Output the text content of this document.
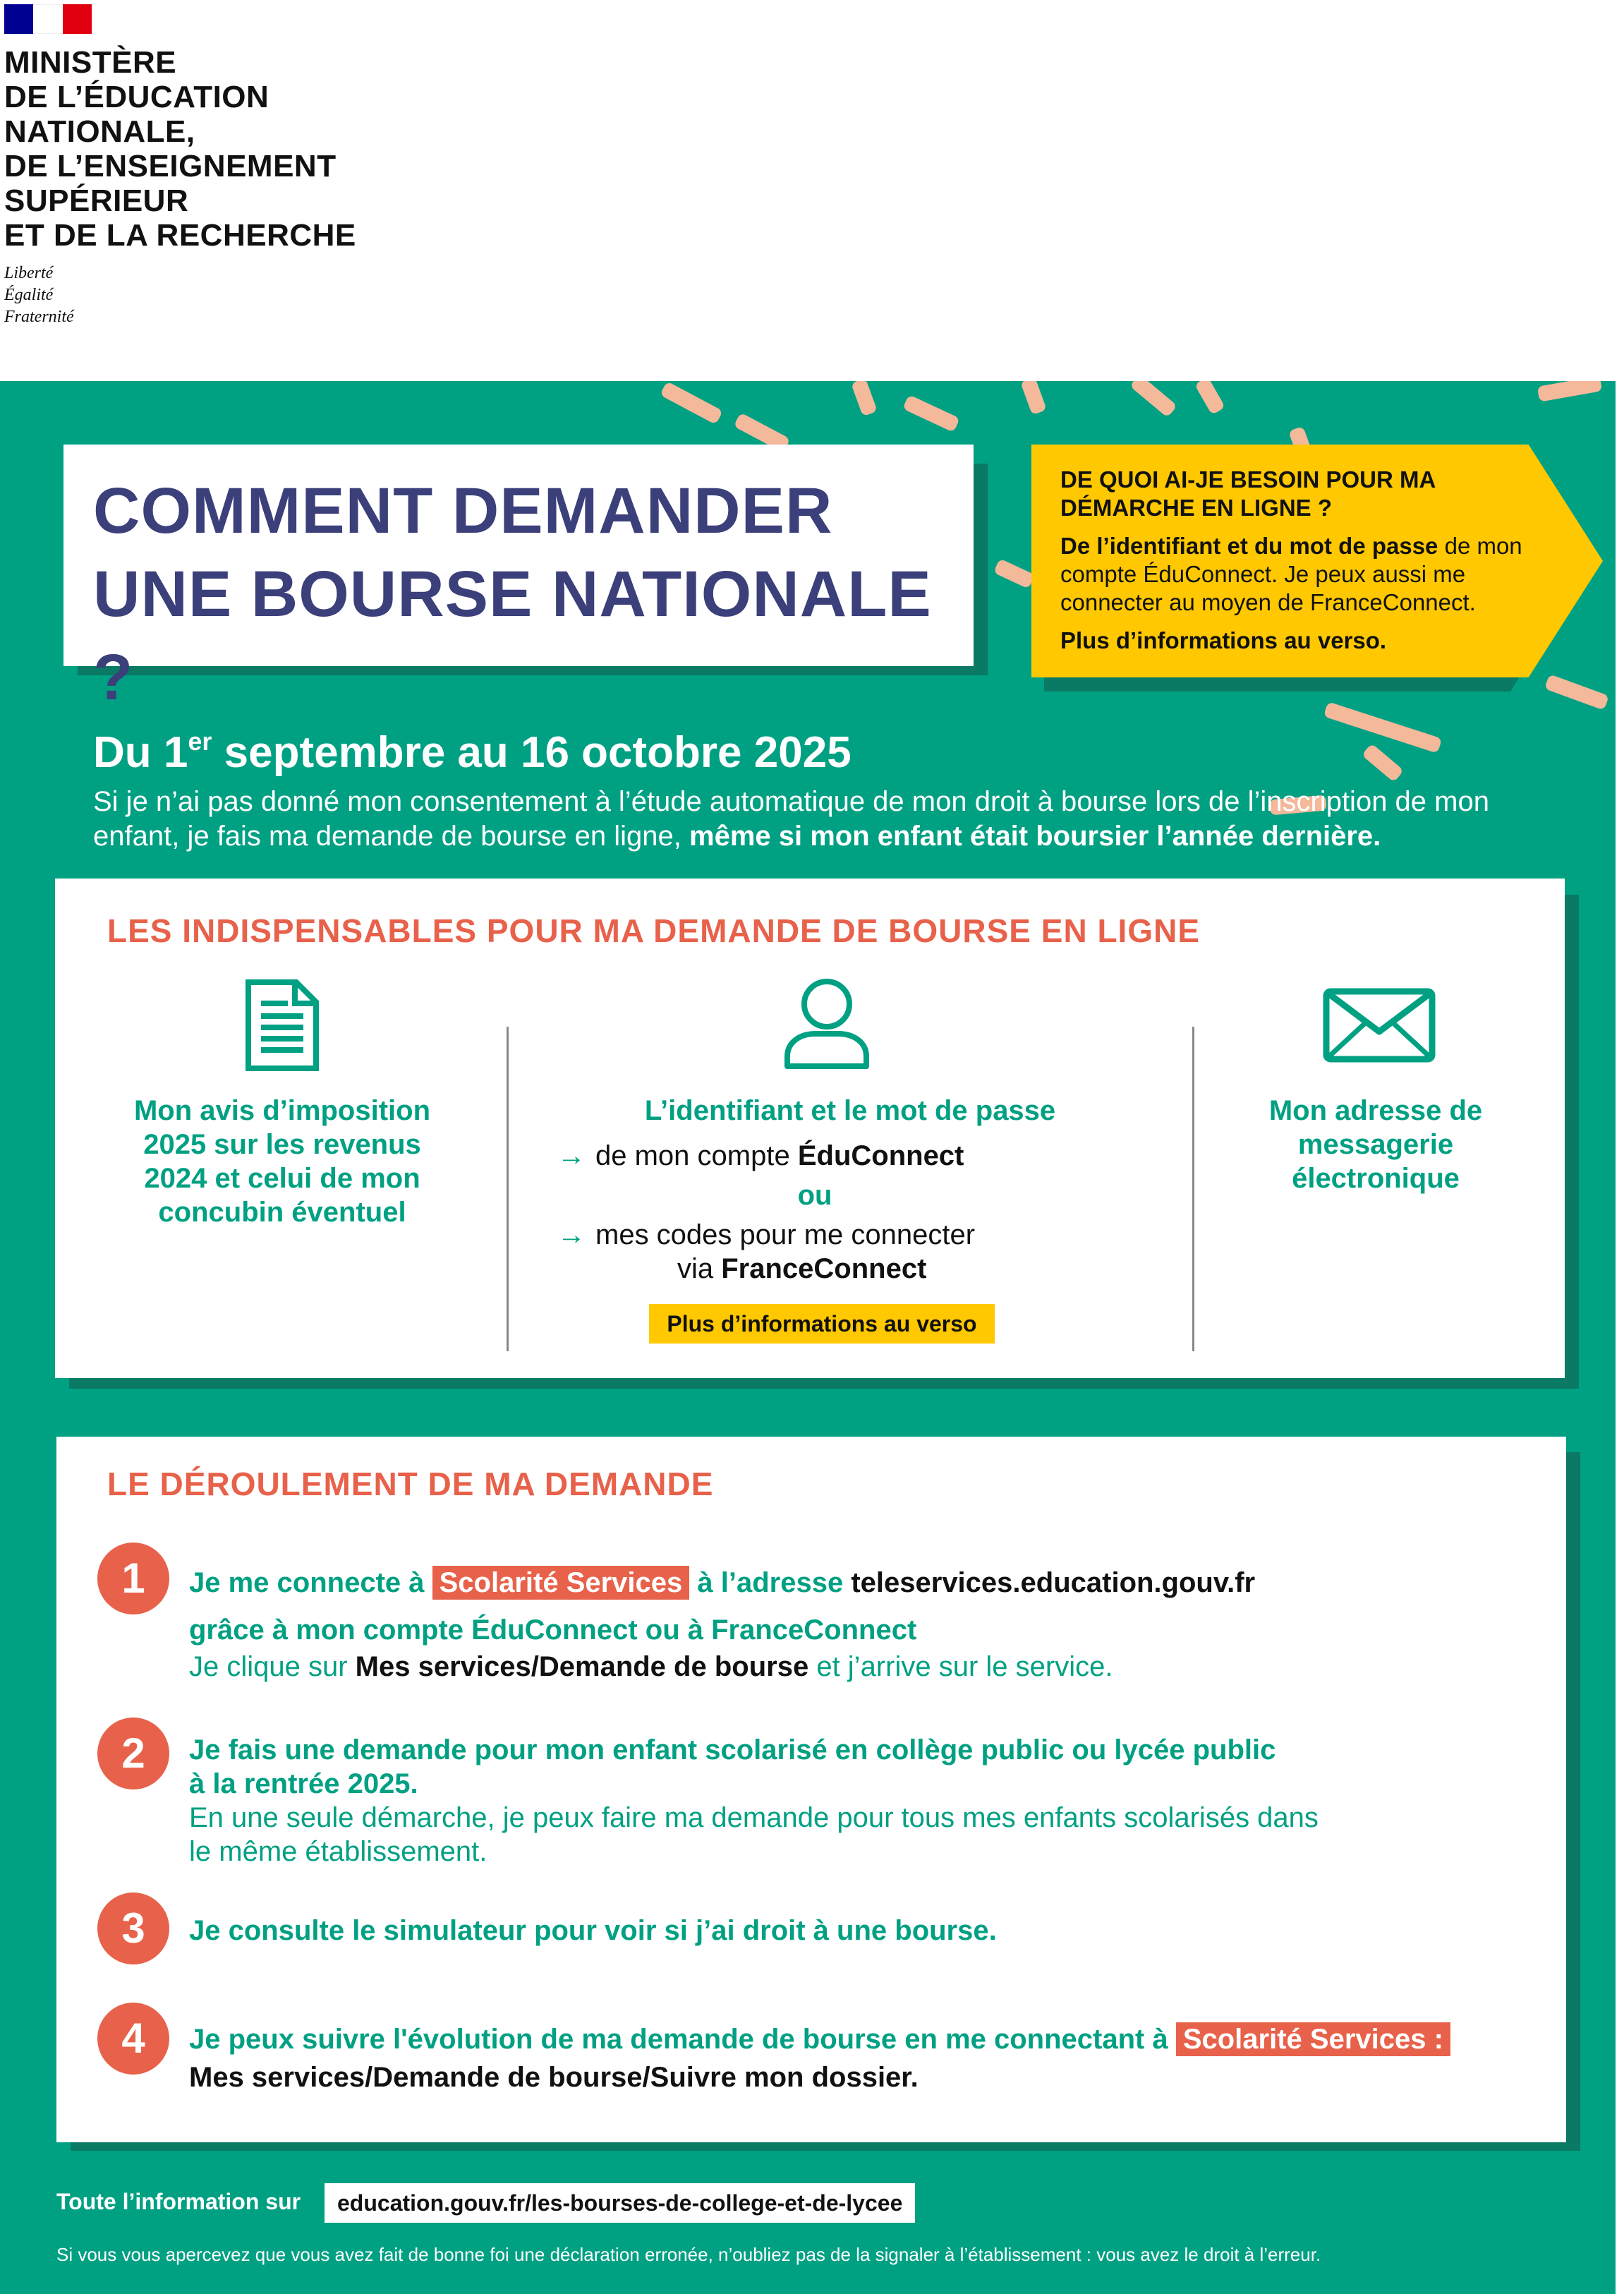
MINISTÈRE
DE L’ÉDUCATION
NATIONALE,
DE L’ENSEIGNEMENT
SUPÉRIEUR
ET DE LA RECHERCHE
Liberté
Égalité
Fraternité
COMMENT DEMANDER
UNE BOURSE NATIONALE ?
DE QUOI AI-JE BESOIN POUR MA DÉMARCHE EN LIGNE ?
De l’identifiant et du mot de passe de mon compte ÉduConnect. Je peux aussi me connecter au moyen de FranceConnect.
Plus d’informations au verso.
Du 1er septembre au 16 octobre 2025
Si je n’ai pas donné mon consentement à l’étude automatique de mon droit à bourse lors de l’inscription de mon enfant, je fais ma demande de bourse en ligne, même si mon enfant était boursier l’année dernière.
LES INDISPENSABLES POUR MA DEMANDE DE BOURSE EN LIGNE
Mon avis d’imposition 2025 sur les revenus 2024 et celui de mon concubin éventuel
L’identifiant et le mot de passe
→ de mon compte ÉduConnect
ou
→ mes codes pour me connecter
via FranceConnect
Plus d’informations au verso
Mon adresse de messagerie électronique
LE DÉROULEMENT DE MA DEMANDE
1	Je me connecte à Scolarité Services à l’adresse teleservices.education.gouv.fr
grâce à mon compte ÉduConnect ou à FranceConnect
Je clique sur Mes services/Demande de bourse et j’arrive sur le service.
2	Je fais une demande pour mon enfant scolarisé en collège public ou lycée public à la rentrée 2025.
En une seule démarche, je peux faire ma demande pour tous mes enfants scolarisés dans le même établissement.
3	Je consulte le simulateur pour voir si j’ai droit à une bourse.
4	Je peux suivre l'évolution de ma demande de bourse en me connectant à Scolarité Services :
Mes services/Demande de bourse/Suivre mon dossier.
Toute l’information sur	education.gouv.fr/les-bourses-de-college-et-de-lycee
Si vous vous apercevez que vous avez fait de bonne foi une déclaration erronée, n’oubliez pas de la signaler à l’établissement : vous avez le droit à l’erreur.
